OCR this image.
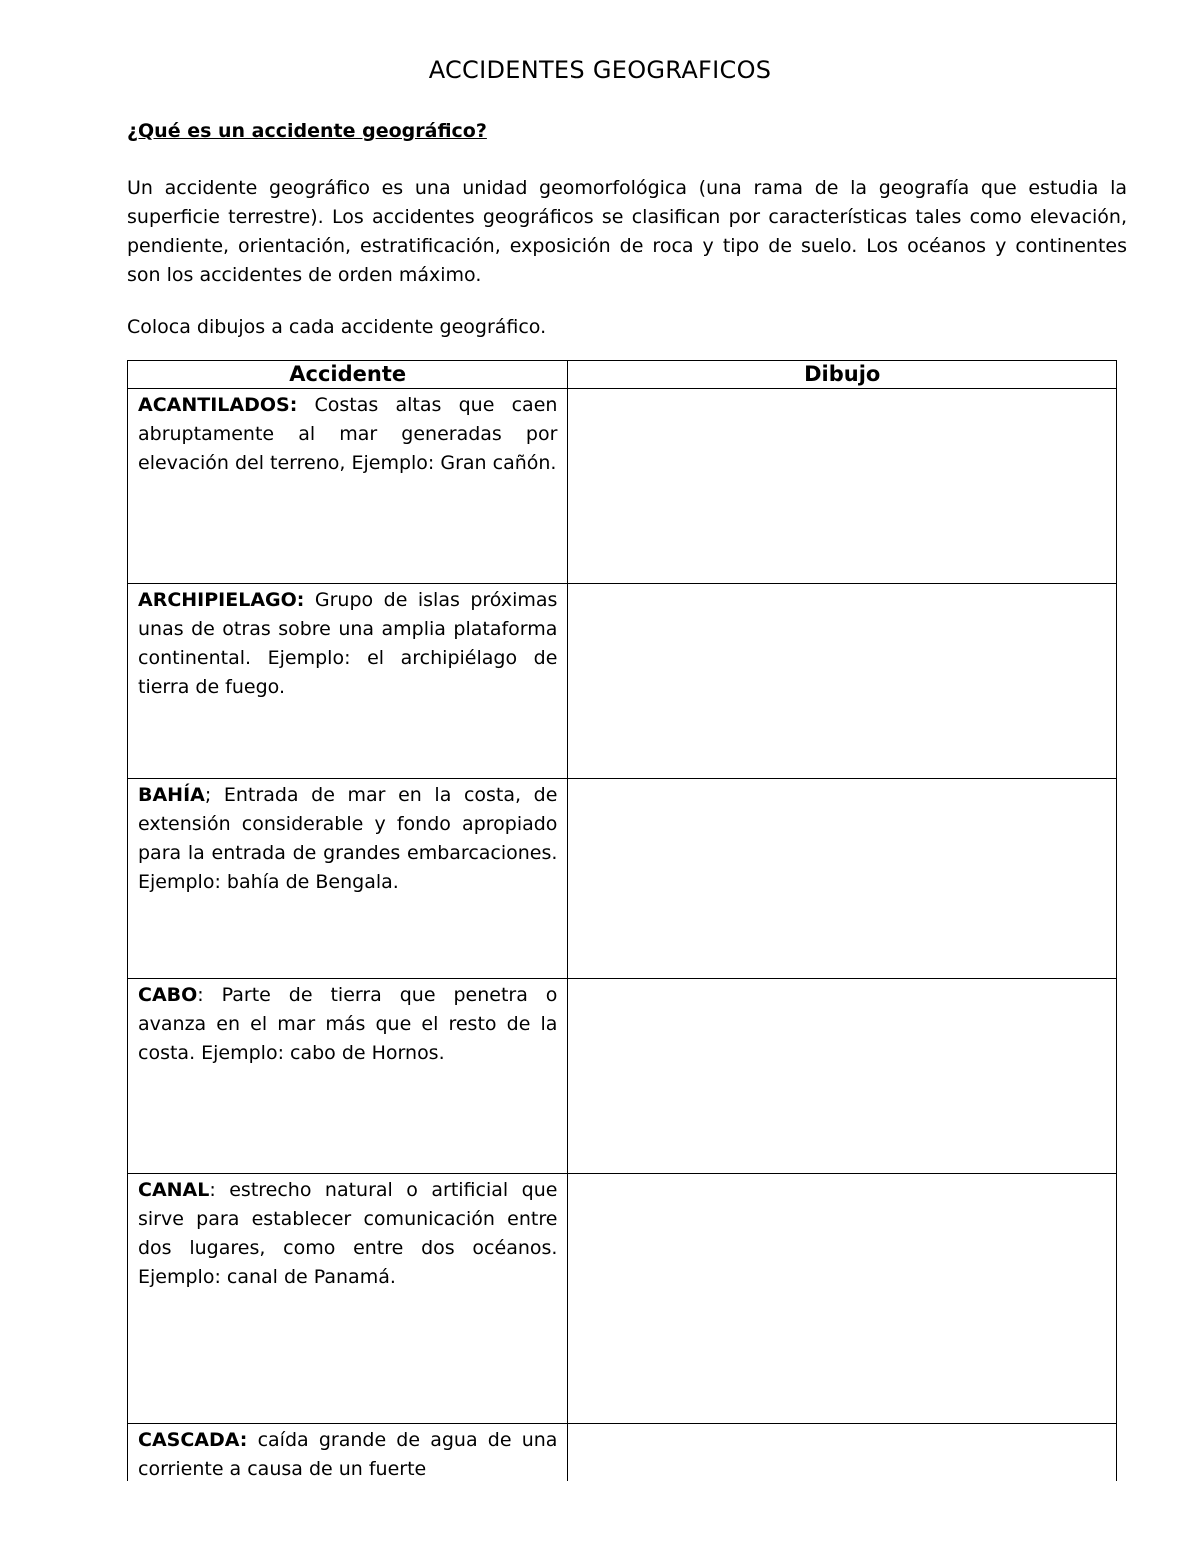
ACCIDENTES GEOGRAFICOS
¿Qué es un accidente geográfico?

Un accidente geográfico es una unidad geomorfológica (una rama de la geografía que estudia la superficie terrestre). Los accidentes geográficos se clasifican por características tales como elevación, pendiente, orientación, estratificación, exposición de roca y tipo de suelo. Los océanos y continentes son los accidentes de orden máximo.

Coloca dibujos a cada accidente geográfico.

Accidente	Dibujo
ACANTILADOS: Costas altas que caen abruptamente al mar generadas por elevación del terreno, Ejemplo: Gran cañón.	
ARCHIPIELAGO: Grupo de islas próximas unas de otras sobre una amplia plataforma continental. Ejemplo: el archipiélago de tierra de fuego.	
BAHÍA; Entrada de mar en la costa, de extensión considerable y fondo apropiado para la entrada de grandes embarcaciones. Ejemplo: bahía de Bengala.	
CABO: Parte de tierra que penetra o avanza en el mar más que el resto de la costa. Ejemplo: cabo de Hornos.	
CANAL: estrecho natural o artificial que sirve para establecer comunicación entre dos lugares, como entre dos océanos. Ejemplo: canal de Panamá.	
CASCADA: caída grande de agua de una corriente a causa de un fuerte	
